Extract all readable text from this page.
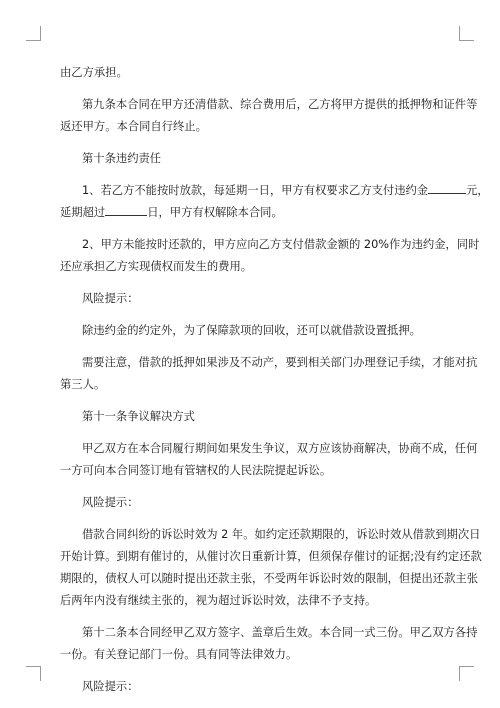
由乙方承担。
第九条本合同在甲方还清借款、综合费用后，乙方将甲方提供的抵押物和证件等
返还甲方。本合同自行终止。
第十条违约责任
1、若乙方不能按时放款，每延期一日，甲方有权要求乙方支付违约金	元，
延期超过	日，甲方有权解除本合同。
2、甲方未能按时还款的，甲方应向乙方支付借款金额的 20%作为违约金，同时
还应承担乙方实现债权而发生的费用。
风险提示：
除违约金的约定外，为了保障款项的回收，还可以就借款设置抵押。
需要注意，借款的抵押如果涉及不动产，要到相关部门办理登记手续，才能对抗
第三人。
第十一条争议解决方式
甲乙双方在本合同履行期间如果发生争议，双方应该协商解决，协商不成，任何
一方可向本合同签订地有管辖权的人民法院提起诉讼。
风险提示：
借款合同纠纷的诉讼时效为 2 年。如约定还款期限的，诉讼时效从借款到期次日
开始计算。到期有催讨的，从催讨次日重新计算，但须保存催讨的证据;没有约定还款
期限的，债权人可以随时提出还款主张，不受两年诉讼时效的限制，但提出还款主张
后两年内没有继续主张的，视为超过诉讼时效，法律不予支持。
第十二条本合同经甲乙双方签字、盖章后生效。本合同一式三份。甲乙双方各持
一份。有关登记部门一份。具有同等法律效力。
风险提示：
